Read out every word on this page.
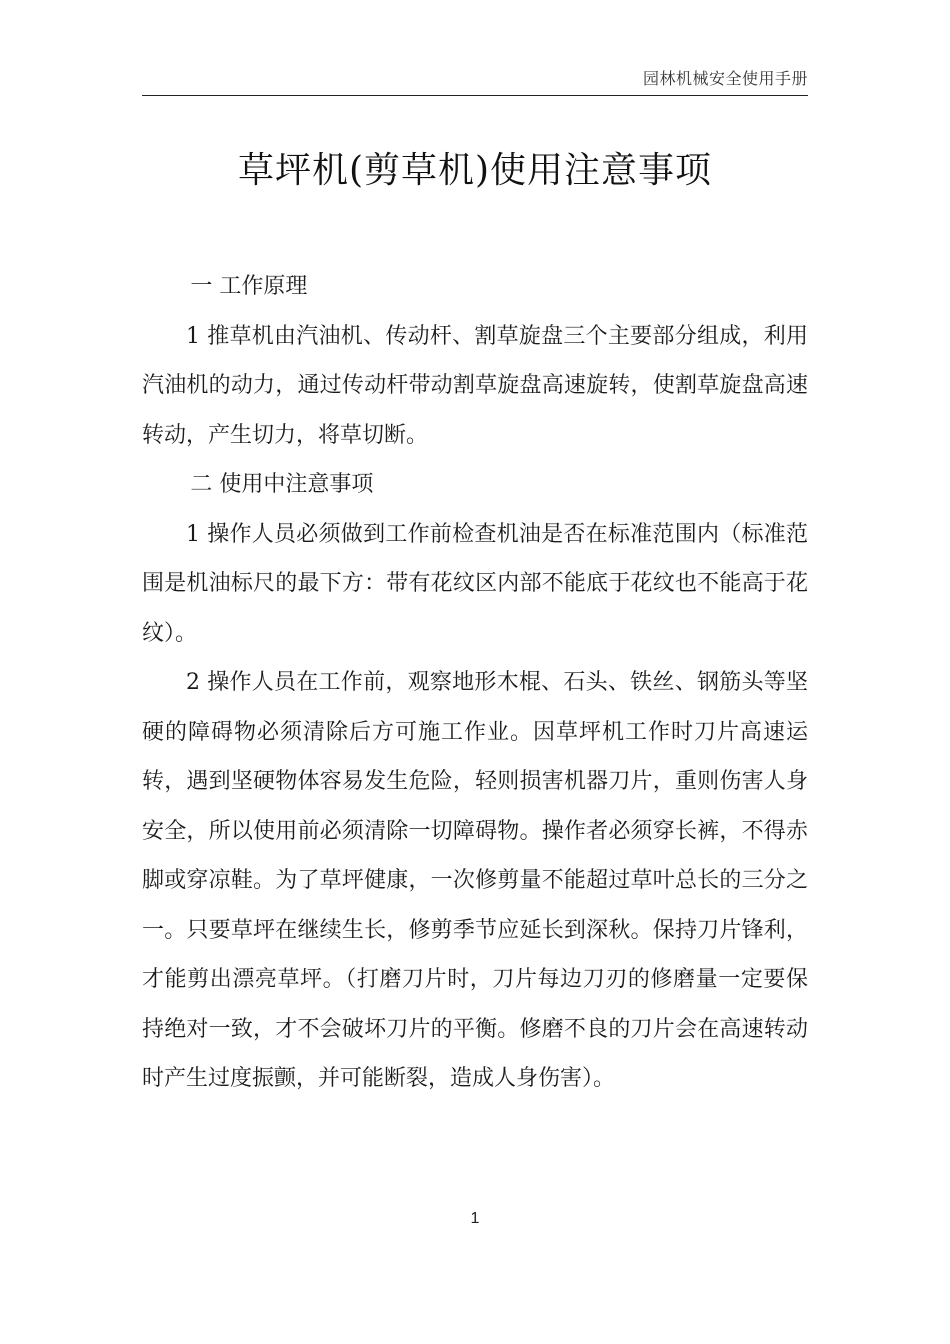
园林机械安全使用手册
草坪机(剪草机)使用注意事项

一 工作原理

1 推草机由汽油机、传动杆、割草旋盘三个主要部分组成，利用汽油机的动力，通过传动杆带动割草旋盘高速旋转，使割草旋盘高速转动，产生切力，将草切断。

二 使用中注意事项

1 操作人员必须做到工作前检查机油是否在标准范围内（标准范围是机油标尺的最下方：带有花纹区内部不能底于花纹也不能高于花纹）。

2 操作人员在工作前，观察地形木棍、石头、铁丝、钢筋头等坚硬的障碍物必须清除后方可施工作业。因草坪机工作时刀片高速运转，遇到坚硬物体容易发生危险，轻则损害机器刀片，重则伤害人身安全，所以使用前必须清除一切障碍物。操作者必须穿长裤，不得赤脚或穿凉鞋。为了草坪健康，一次修剪量不能超过草叶总长的三分之一。只要草坪在继续生长，修剪季节应延长到深秋。保持刀片锋利，才能剪出漂亮草坪。（打磨刀片时，刀片每边刀刃的修磨量一定要保持绝对一致，才不会破坏刀片的平衡。修磨不良的刀片会在高速转动时产生过度振颤，并可能断裂，造成人身伤害）。

1
